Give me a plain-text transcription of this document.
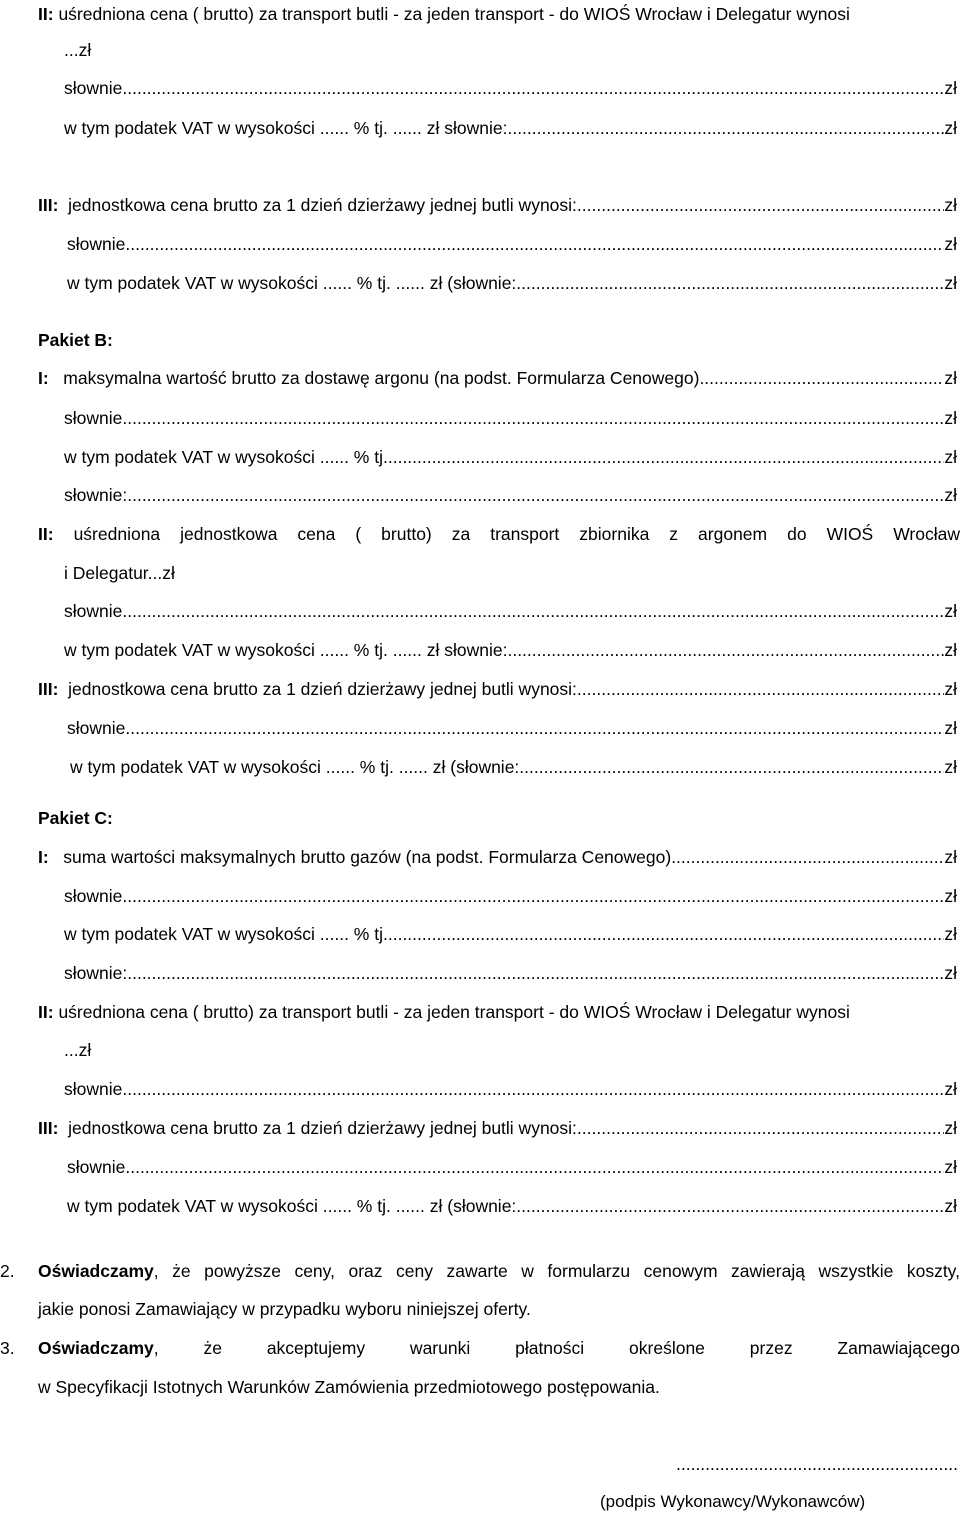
II: uśredniona cena ( brutto) za transport butli - za jeden transport - do WIOŚ Wrocław i Delegatur wynosi
...zł
słownie .....	zł
w tym podatek VAT w wysokości ...... % tj. ...... zł słownie: .....	zł
III:
jednostkowa cena brutto za 1 dzień dzierżawy jednej butli wynosi: .....	zł
słownie .....	zł
w tym podatek VAT w wysokości ...... % tj. ...... zł (słownie: .....	zł
Pakiet B:
I:
maksymalna wartość brutto za dostawę argonu (na podst. Formularza Cenowego) .....	zł
słownie .....	zł
w tym podatek VAT w wysokości ...... % tj. .....	zł
słownie: .....	zł
II: uśredniona jednostkowa cena ( brutto) za transport zbiornika z argonem do WIOŚ Wrocław
i Delegatur...zł
słownie .....	zł
w tym podatek VAT w wysokości ...... % tj. ...... zł słownie: .....	zł
III:
jednostkowa cena brutto za 1 dzień dzierżawy jednej butli wynosi: .....	zł
słownie .....	zł
w tym podatek VAT w wysokości ...... % tj. ...... zł (słownie: .....	zł
Pakiet C:
I:
suma wartości maksymalnych brutto gazów (na podst. Formularza Cenowego) .....	zł
słownie .....	zł
w tym podatek VAT w wysokości ...... % tj. .....	zł
słownie: .....	zł
II: uśredniona cena ( brutto) za transport butli - za jeden transport - do WIOŚ Wrocław i Delegatur wynosi
...zł
słownie .....	zł
III:
jednostkowa cena brutto za 1 dzień dzierżawy jednej butli wynosi: .....	zł
słownie .....	zł
w tym podatek VAT w wysokości ...... % tj. ...... zł (słownie: .....	zł
2.	Oświadczamy, że powyższe ceny, oraz ceny zawarte w formularzu cenowym zawierają wszystkie koszty,
jakie ponosi Zamawiający w przypadku wyboru niniejszej oferty.
3.	Oświadczamy, że akceptujemy warunki płatności określone przez Zamawiającego
w Specyfikacji Istotnych Warunków Zamówienia przedmiotowego postępowania.
..........................................................
(podpis Wykonawcy/Wykonawców)
